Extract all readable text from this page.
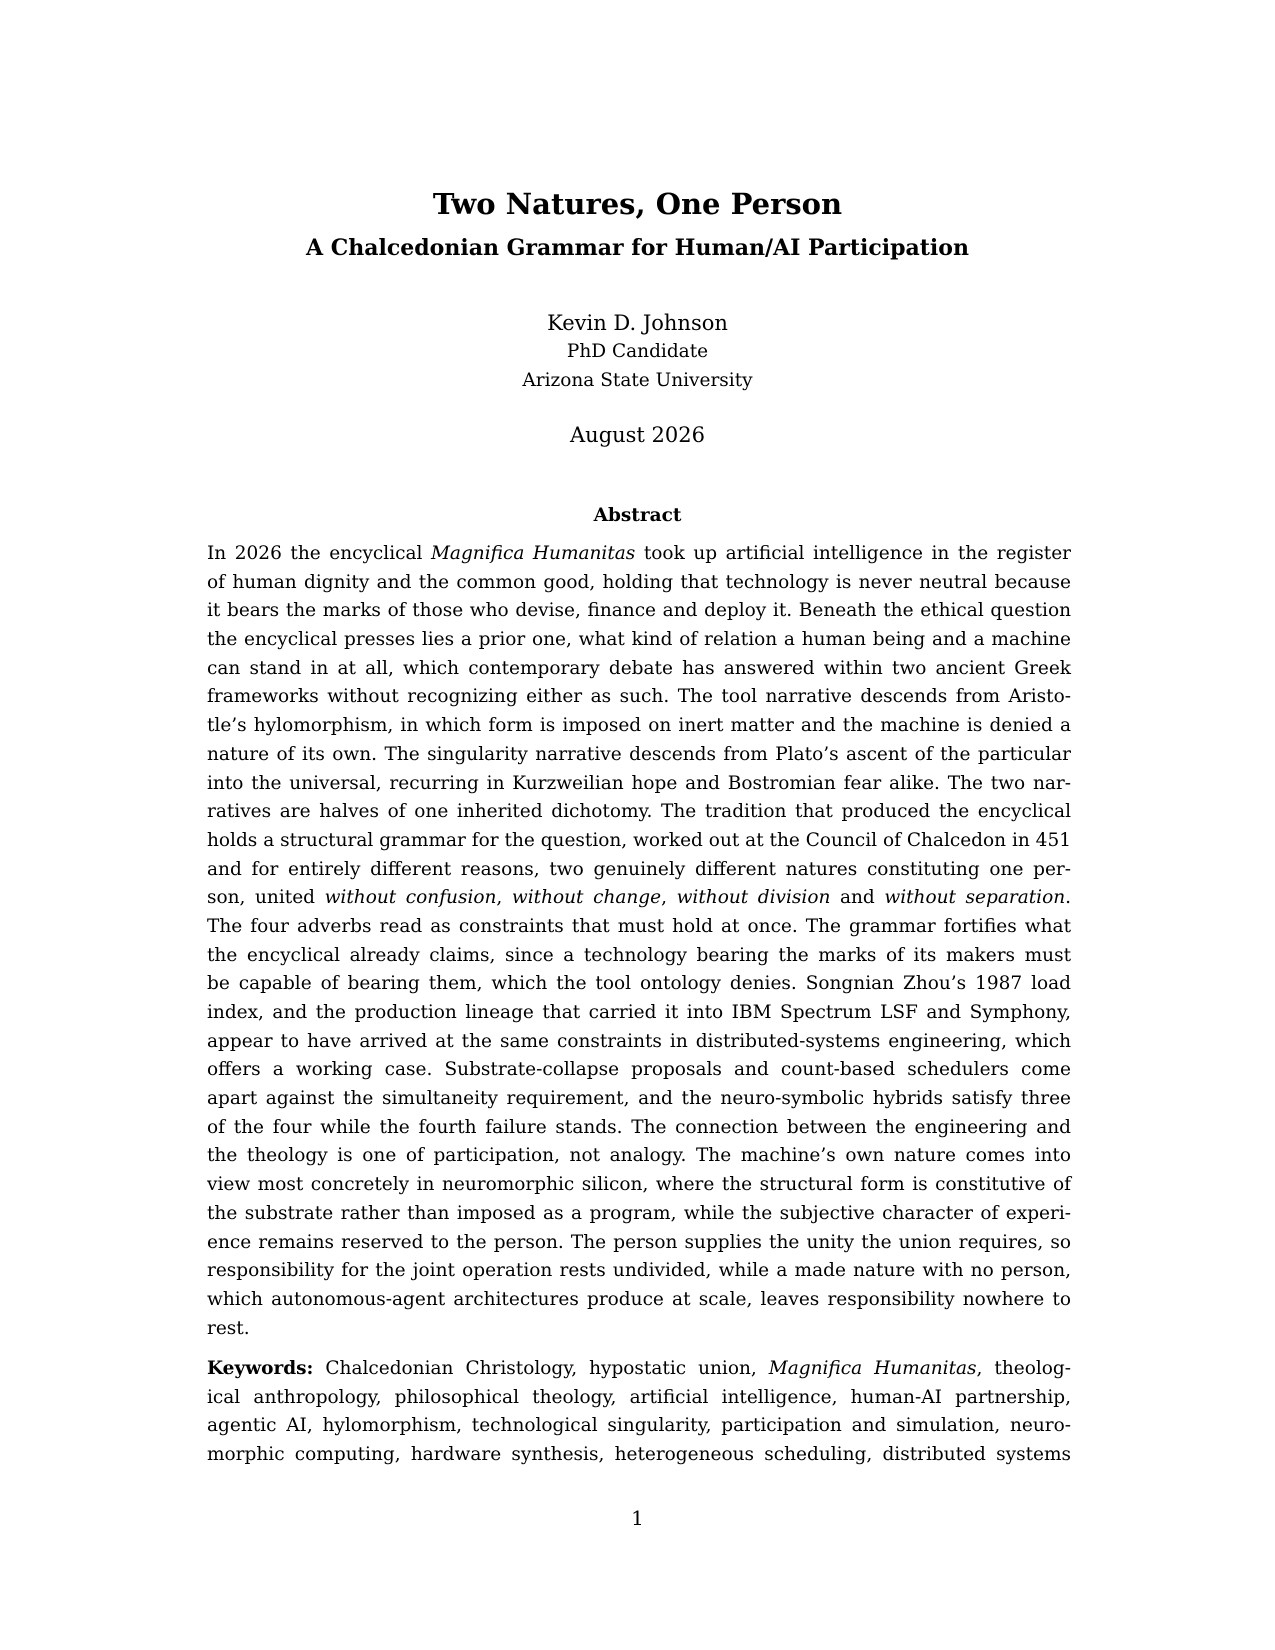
Two Natures, One Person
A Chalcedonian Grammar for Human/AI Participation
Kevin D. Johnson
PhD Candidate
Arizona State University
August 2026
Abstract
In 2026 the encyclical Magnifica Humanitas took up artificial intelligence in the register
of human dignity and the common good, holding that technology is never neutral because
it bears the marks of those who devise, finance and deploy it. Beneath the ethical question
the encyclical presses lies a prior one, what kind of relation a human being and a machine
can stand in at all, which contemporary debate has answered within two ancient Greek
frameworks without recognizing either as such. The tool narrative descends from Aristo-
tle’s hylomorphism, in which form is imposed on inert matter and the machine is denied a
nature of its own. The singularity narrative descends from Plato’s ascent of the particular
into the universal, recurring in Kurzweilian hope and Bostromian fear alike. The two nar-
ratives are halves of one inherited dichotomy. The tradition that produced the encyclical
holds a structural grammar for the question, worked out at the Council of Chalcedon in 451
and for entirely different reasons, two genuinely different natures constituting one per-
son, united without confusion, without change, without division and without separation.
The four adverbs read as constraints that must hold at once. The grammar fortifies what
the encyclical already claims, since a technology bearing the marks of its makers must
be capable of bearing them, which the tool ontology denies. Songnian Zhou’s 1987 load
index, and the production lineage that carried it into IBM Spectrum LSF and Symphony,
appear to have arrived at the same constraints in distributed-systems engineering, which
offers a working case. Substrate-collapse proposals and count-based schedulers come
apart against the simultaneity requirement, and the neuro-symbolic hybrids satisfy three
of the four while the fourth failure stands. The connection between the engineering and
the theology is one of participation, not analogy. The machine’s own nature comes into
view most concretely in neuromorphic silicon, where the structural form is constitutive of
the substrate rather than imposed as a program, while the subjective character of experi-
ence remains reserved to the person. The person supplies the unity the union requires, so
responsibility for the joint operation rests undivided, while a made nature with no person,
which autonomous-agent architectures produce at scale, leaves responsibility nowhere to
rest.
Keywords: Chalcedonian Christology, hypostatic union, Magnifica Humanitas, theolog-
ical anthropology, philosophical theology, artificial intelligence, human-AI partnership,
agentic AI, hylomorphism, technological singularity, participation and simulation, neuro-
morphic computing, hardware synthesis, heterogeneous scheduling, distributed systems
1
